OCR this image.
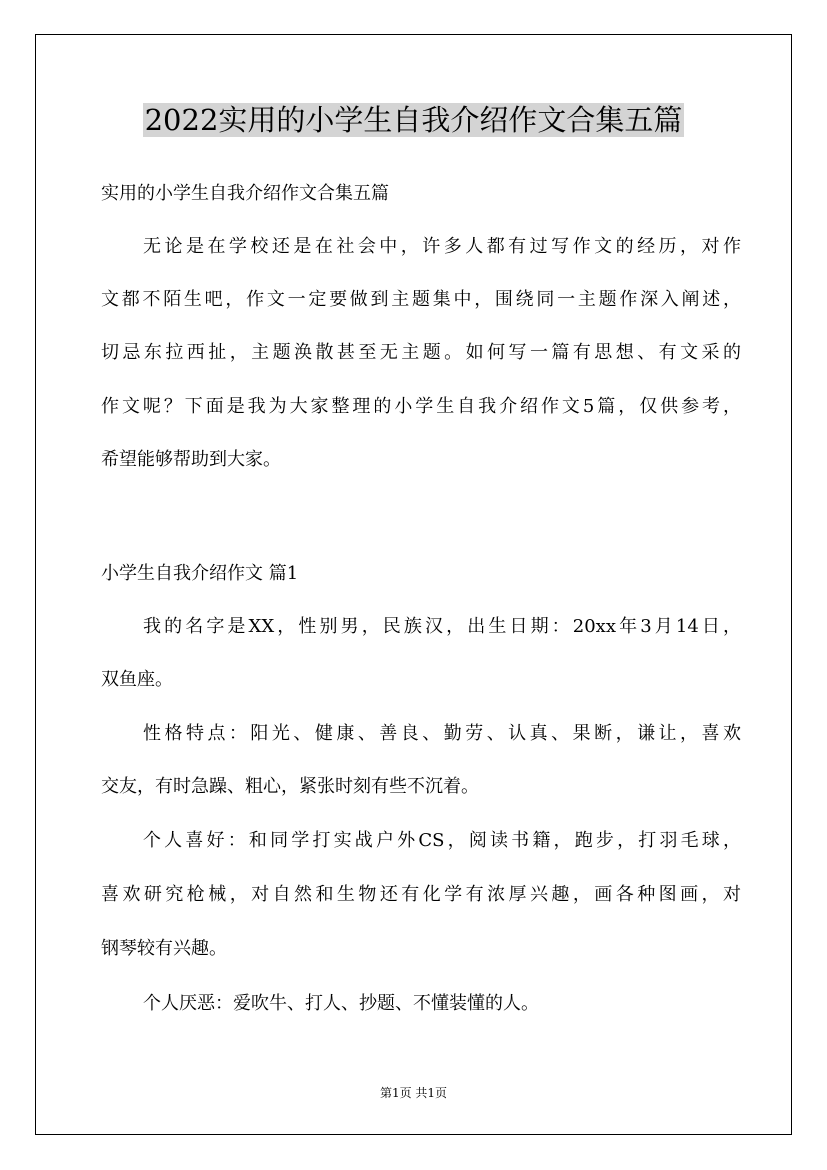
2022实用的小学生自我介绍作文合集五篇

实用的小学生自我介绍作文合集五篇

无论是在学校还是在社会中，许多人都有过写作文的经历，对作

文都不陌生吧，作文一定要做到主题集中，围绕同一主题作深入阐述，

切忌东拉西扯，主题涣散甚至无主题。如何写一篇有思想、有文采的

作文呢？下面是我为大家整理的小学生自我介绍作文5篇，仅供参考，

希望能够帮助到大家。

小学生自我介绍作文 篇1

我的名字是XX，性别男，民族汉，出生日期：20xx年3月14日，

双鱼座。

性格特点：阳光、健康、善良、勤劳、认真、果断，谦让，喜欢

交友，有时急躁、粗心，紧张时刻有些不沉着。

个人喜好：和同学打实战户外CS，阅读书籍，跑步，打羽毛球，

喜欢研究枪械，对自然和生物还有化学有浓厚兴趣，画各种图画，对

钢琴较有兴趣。

个人厌恶：爱吹牛、打人、抄题、不懂装懂的人。

第1页 共1页
